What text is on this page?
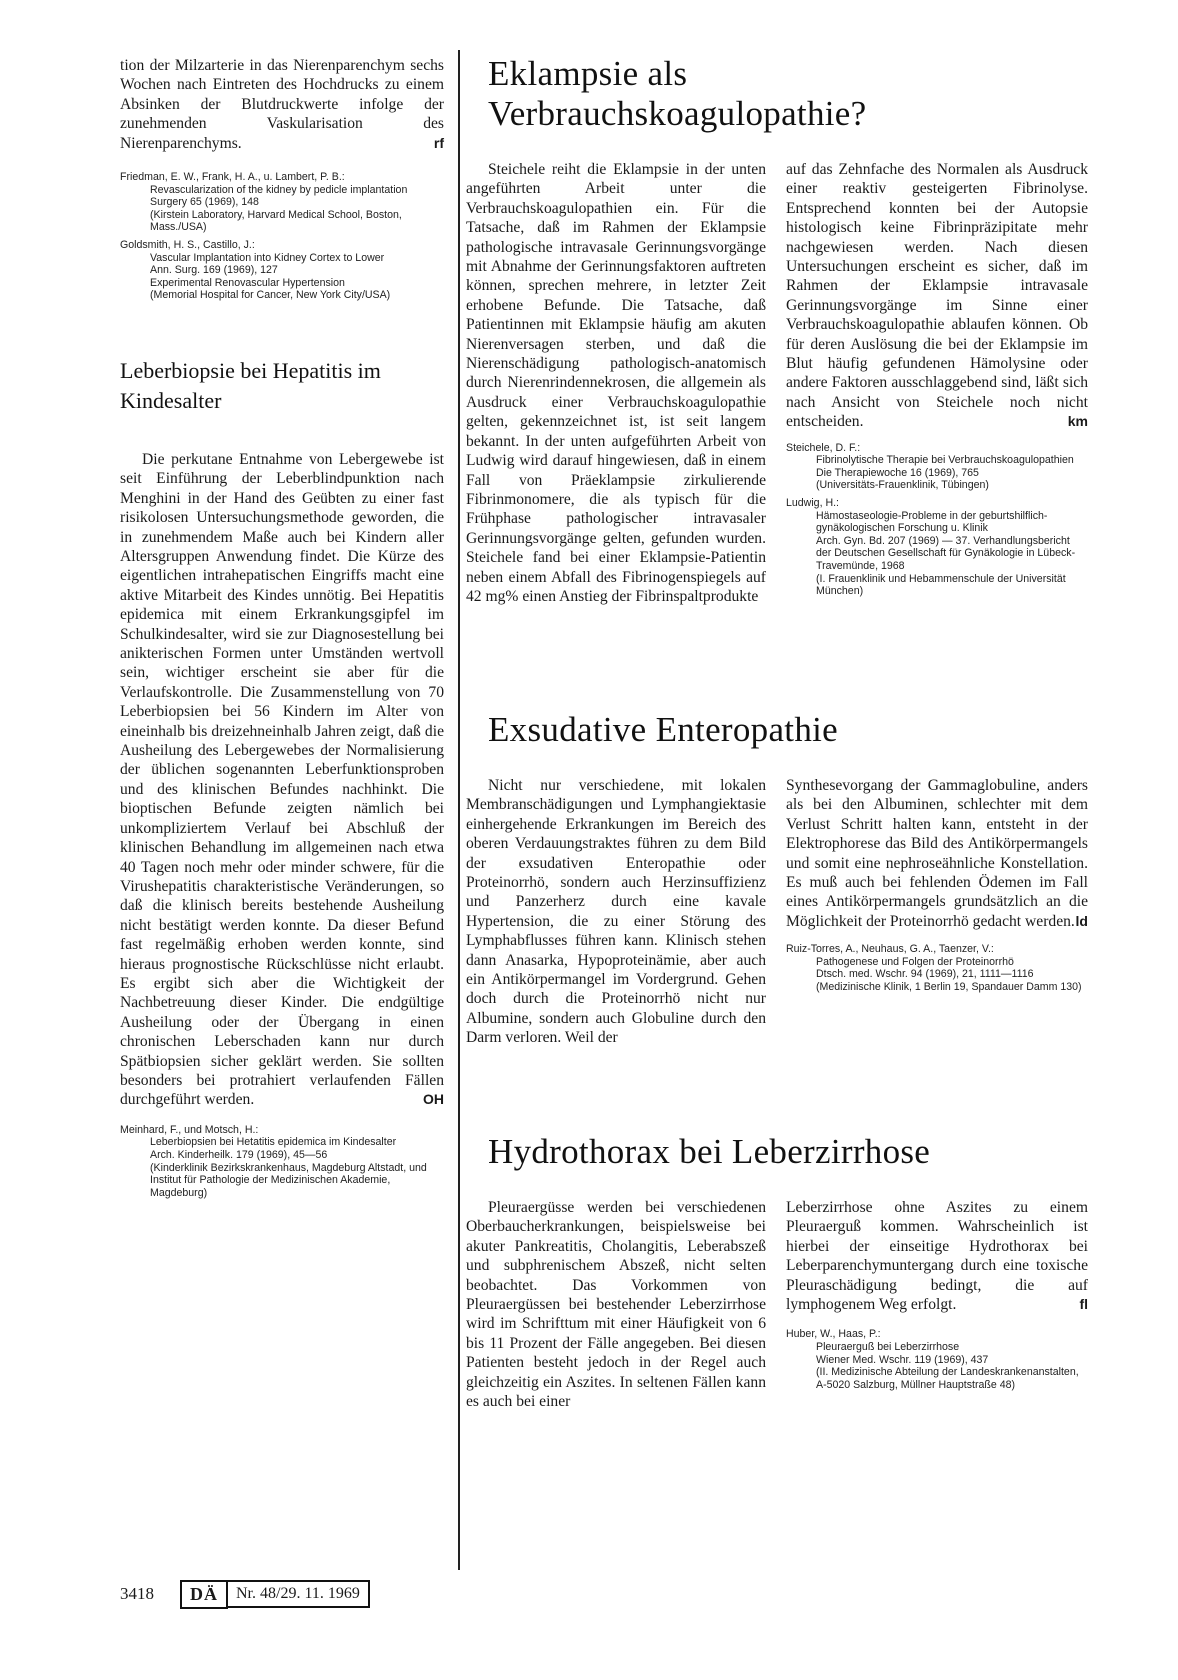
tion der Milzarterie in das Nierenparenchym sechs Wochen nach Eintreten des Hochdrucks zu einem Absinken der Blutdruckwerte infolge der zunehmenden Vaskularisation des Nierenparenchyms.	rf

Friedman, E. W., Frank, H. A., u. Lambert, P. B.:
Revascularization of the kidney by pedicle implantation
Surgery 65 (1969), 148
(Kirstein Laboratory, Harvard Medical School, Boston, Mass./USA)
Goldsmith, H. S., Castillo, J.:
Vascular Implantation into Kidney Cortex to Lower
Ann. Surg. 169 (1969), 127
Experimental Renovascular Hypertension
(Memorial Hospital for Cancer, New York City/USA)
Leberbiopsie bei Hepatitis im Kindesalter

Die perkutane Entnahme von Lebergewebe ist seit Einführung der Leberblindpunktion nach Menghini in der Hand des Geübten zu einer fast risikolosen Untersuchungsmethode geworden, die in zunehmendem Maße auch bei Kindern aller Altersgruppen Anwendung findet. Die Kürze des eigentlichen intrahepatischen Eingriffs macht eine aktive Mitarbeit des Kindes unnötig. Bei Hepatitis epidemica mit einem Erkrankungsgipfel im Schulkindesalter, wird sie zur Diagnosestellung bei anikterischen Formen unter Umständen wertvoll sein, wichtiger erscheint sie aber für die Verlaufskontrolle. Die Zusammenstellung von 70 Leberbiopsien bei 56 Kindern im Alter von eineinhalb bis dreizehneinhalb Jahren zeigt, daß die Ausheilung des Lebergewebes der Normalisierung der üblichen sogenannten Leberfunktionsproben und des klinischen Befundes nachhinkt. Die bioptischen Befunde zeigten nämlich bei unkompliziertem Verlauf bei Abschluß der klinischen Behandlung im allgemeinen nach etwa 40 Tagen noch mehr oder minder schwere, für die Virushepatitis charakteristische Veränderungen, so daß die klinisch bereits bestehende Ausheilung nicht bestätigt werden konnte. Da dieser Befund fast regelmäßig erhoben werden konnte, sind hieraus prognostische Rückschlüsse nicht erlaubt. Es ergibt sich aber die Wichtigkeit der Nachbetreuung dieser Kinder. Die endgültige Ausheilung oder der Übergang in einen chronischen Leberschaden kann nur durch Spätbiopsien sicher geklärt werden. Sie sollten besonders bei protrahiert verlaufenden Fällen durchgeführt werden.	OH

Meinhard, F., und Motsch, H.:
Leberbiopsien bei Hetatitis epidemica im Kindesalter
Arch. Kinderheilk. 179 (1969), 45—56
(Kinderklinik Bezirkskrankenhaus, Magdeburg Altstadt, und Institut für Pathologie der Medizinischen Akademie, Magdeburg)
Eklampsie als Verbrauchskoagulopathie?

Steichele reiht die Eklampsie in der unten angeführten Arbeit unter die Verbrauchskoagulopathien ein. Für die Tatsache, daß im Rahmen der Eklampsie pathologische intravasale Gerinnungsvorgänge mit Abnahme der Gerinnungsfaktoren auftreten können, sprechen mehrere, in letzter Zeit erhobene Befunde. Die Tatsache, daß Patientinnen mit Eklampsie häufig am akuten Nierenversagen sterben, und daß die Nierenschädigung pathologisch-anatomisch durch Nierenrindennekrosen, die allgemein als Ausdruck einer Verbrauchskoagulopathie gelten, gekennzeichnet ist, ist seit langem bekannt. In der unten aufgeführten Arbeit von Ludwig wird darauf hingewiesen, daß in einem Fall von Präeklampsie zirkulierende Fibrinmonomere, die als typisch für die Frühphase pathologischer intravasaler Gerinnungsvorgänge gelten, gefunden wurden. Steichele fand bei einer Eklampsie-Patientin neben einem Abfall des Fibrinogenspiegels auf 42 mg% einen Anstieg der Fibrinspaltprodukte

auf das Zehnfache des Normalen als Ausdruck einer reaktiv gesteigerten Fibrinolyse. Entsprechend konnten bei der Autopsie histologisch keine Fibrinpräzipitate mehr nachgewiesen werden. Nach diesen Untersuchungen erscheint es sicher, daß im Rahmen der Eklampsie intravasale Gerinnungsvorgänge im Sinne einer Verbrauchskoagulopathie ablaufen können. Ob für deren Auslösung die bei der Eklampsie im Blut häufig gefundenen Hämolysine oder andere Faktoren ausschlaggebend sind, läßt sich nach Ansicht von Steichele noch nicht entscheiden.	km

Steichele, D. F.:
Fibrinolytische Therapie bei Verbrauchskoagulopathien
Die Therapiewoche 16 (1969), 765
(Universitäts-Frauenklinik, Tübingen)
Ludwig, H.:
Hämostaseologie-Probleme in der geburtshilflich-gynäkologischen Forschung u. Klinik
Arch. Gyn. Bd. 207 (1969) — 37. Verhandlungsbericht der Deutschen Gesellschaft für Gynäkologie in Lübeck-Travemünde, 1968
(I. Frauenklinik und Hebammenschule der Universität München)
Exsudative Enteropathie

Nicht nur verschiedene, mit lokalen Membranschädigungen und Lymphangiektasie einhergehende Erkrankungen im Bereich des oberen Verdauungstraktes führen zu dem Bild der exsudativen Enteropathie oder Proteinorrhö, sondern auch Herzinsuffizienz und Panzerherz durch eine kavale Hypertension, die zu einer Störung des Lymphabflusses führen kann. Klinisch stehen dann Anasarka, Hypoproteinämie, aber auch ein Antikörpermangel im Vordergrund. Gehen doch durch die Proteinorrhö nicht nur Albumine, sondern auch Globuline durch den Darm verloren. Weil der

Synthesevorgang der Gammaglobuline, anders als bei den Albuminen, schlechter mit dem Verlust Schritt halten kann, entsteht in der Elektrophorese das Bild des Antikörpermangels und somit eine nephroseähnliche Konstellation. Es muß auch bei fehlenden Ödemen im Fall eines Antikörpermangels grundsätzlich an die Möglichkeit der Proteinorrhö gedacht werden. ld

Ruiz-Torres, A., Neuhaus, G. A., Taenzer, V.:
Pathogenese und Folgen der Proteinorrhö
Dtsch. med. Wschr. 94 (1969), 21, 1111—1116
(Medizinische Klinik, 1 Berlin 19, Spandauer Damm 130)
Hydrothorax bei Leberzirrhose

Pleuraergüsse werden bei verschiedenen Oberbaucherkrankungen, beispielsweise bei akuter Pankreatitis, Cholangitis, Leberabszeß und subphrenischem Abszeß, nicht selten beobachtet. Das Vorkommen von Pleuraergüssen bei bestehender Leberzirrhose wird im Schrifttum mit einer Häufigkeit von 6 bis 11 Prozent der Fälle angegeben. Bei diesen Patienten besteht jedoch in der Regel auch gleichzeitig ein Aszites. In seltenen Fällen kann es auch bei einer

Leberzirrhose ohne Aszites zu einem Pleuraerguß kommen. Wahrscheinlich ist hierbei der einseitige Hydrothorax bei Leberparenchymuntergang durch eine toxische Pleuraschädigung bedingt, die auf lymphogenem Weg erfolgt.	fl

Huber, W., Haas, P.:
Pleuraerguß bei Leberzirrhose
Wiener Med. Wschr. 119 (1969), 437
(II. Medizinische Abteilung der Landeskrankenanstalten, A-5020 Salzburg, Müllner Hauptstraße 48)
3418	DÄ	Nr. 48/29. 11. 1969
